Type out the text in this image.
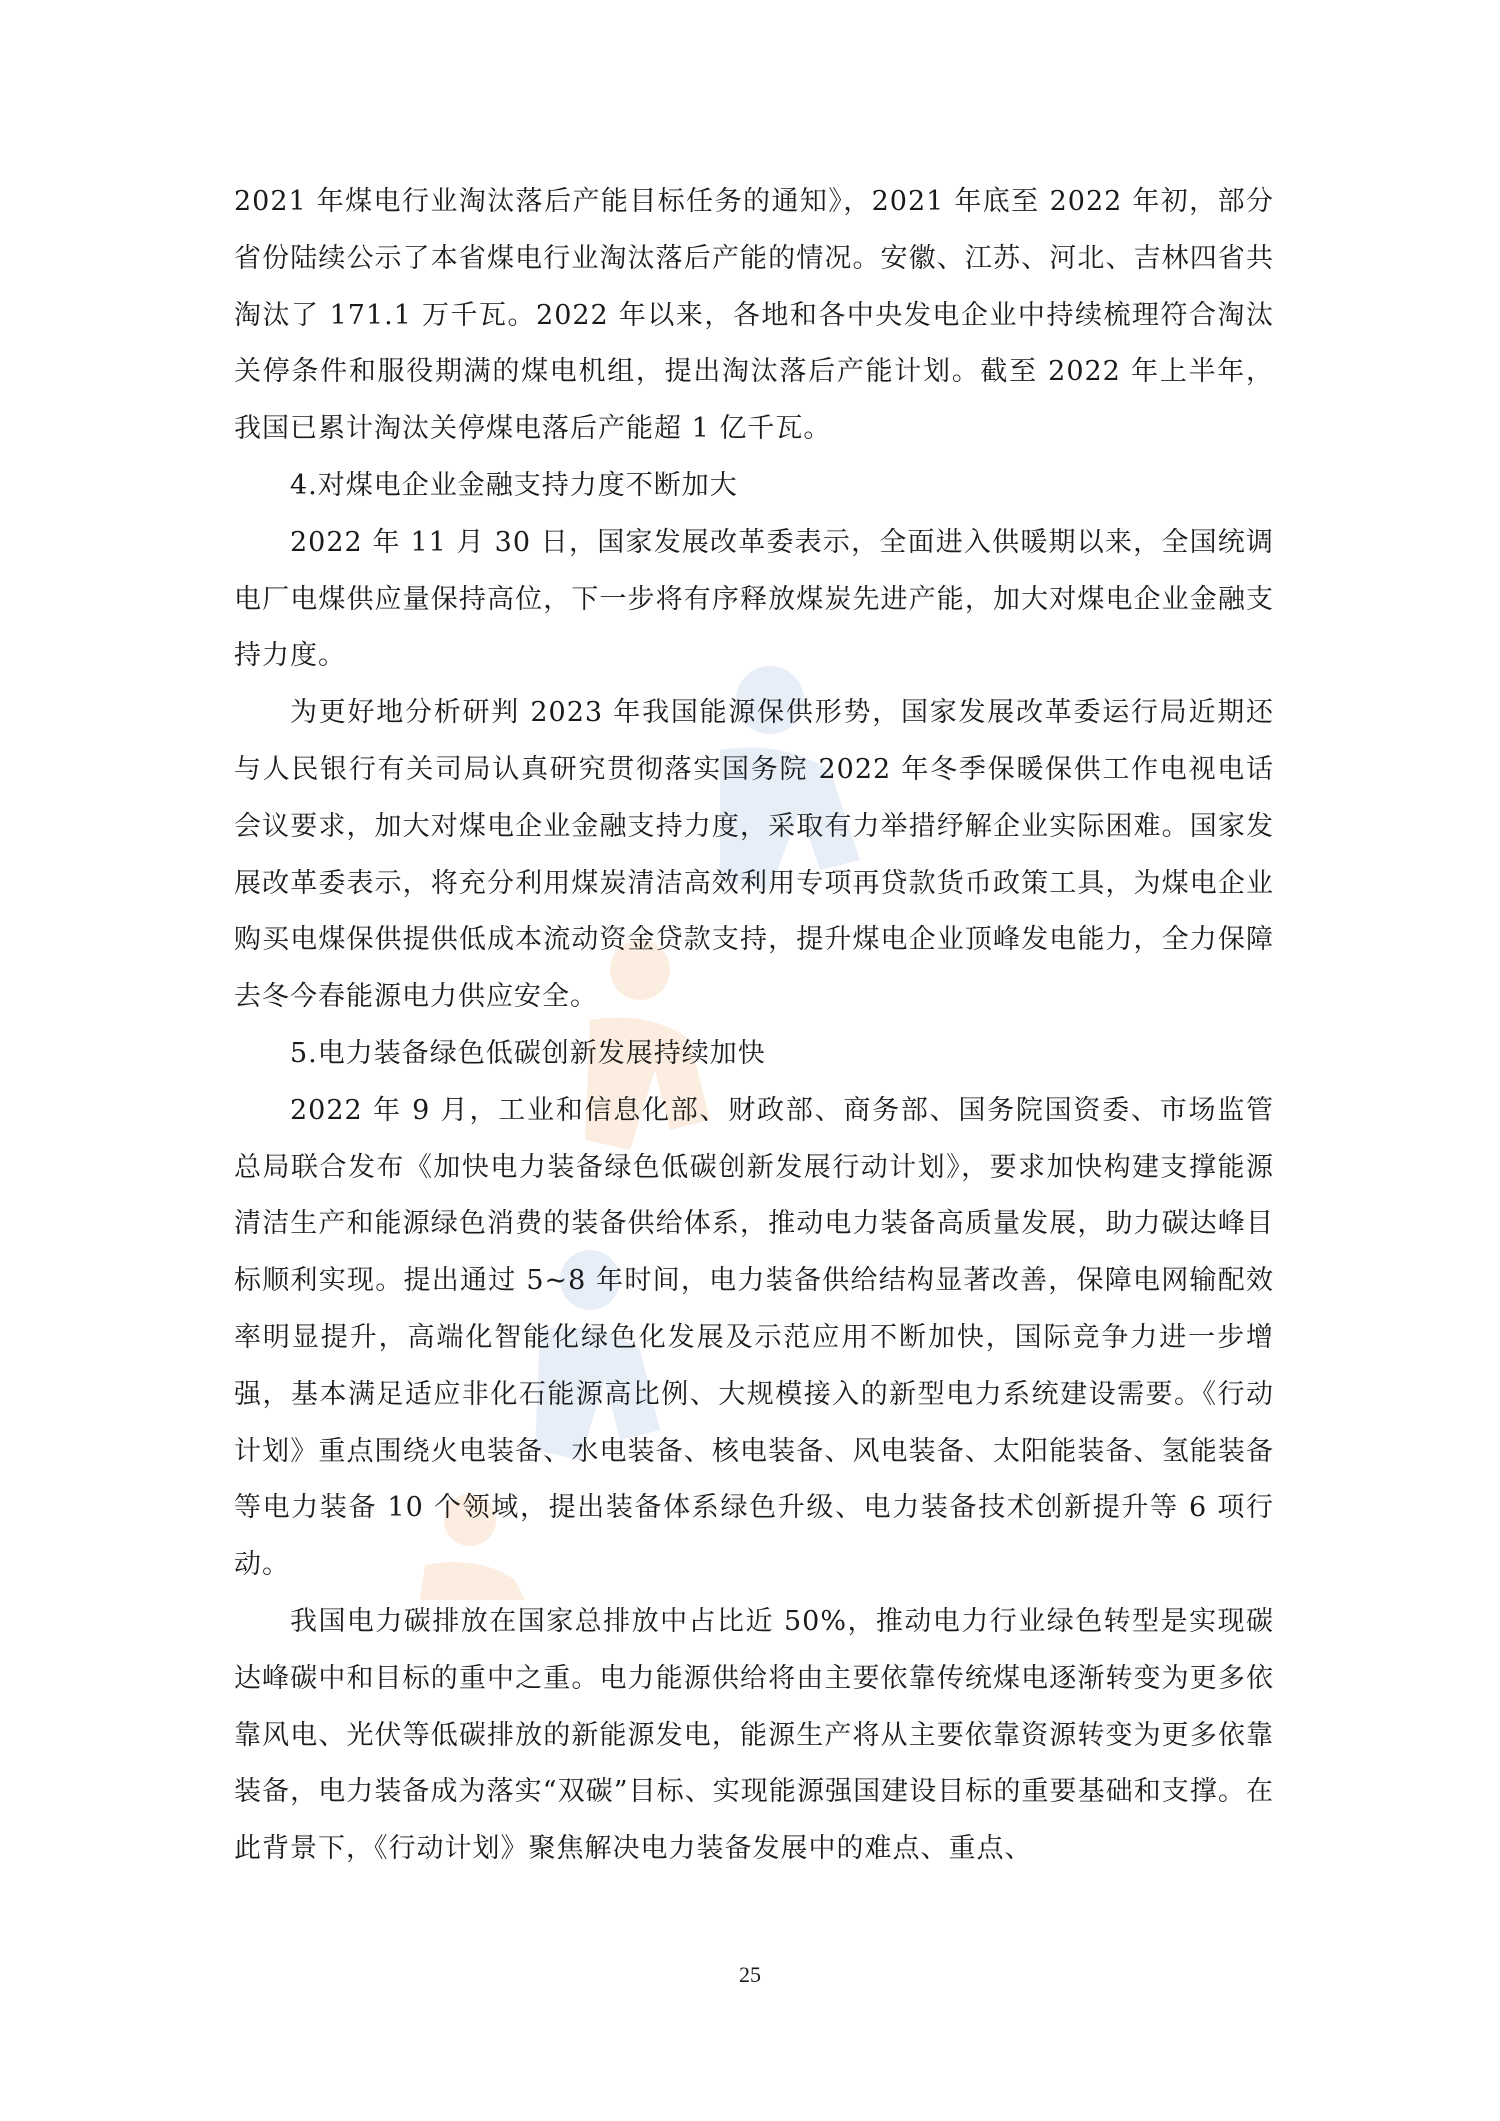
2021 年煤电行业淘汰落后产能目标任务的通知》，2021 年底至 2022 年初，部分省份陆续公示了本省煤电行业淘汰落后产能的情况。安徽、江苏、河北、吉林四省共淘汰了 171.1 万千瓦。2022 年以来，各地和各中央发电企业中持续梳理符合淘汰关停条件和服役期满的煤电机组，提出淘汰落后产能计划。截至 2022 年上半年，我国已累计淘汰关停煤电落后产能超 1 亿千瓦。

4.对煤电企业金融支持力度不断加大

2022 年 11 月 30 日，国家发展改革委表示，全面进入供暖期以来，全国统调电厂电煤供应量保持高位，下一步将有序释放煤炭先进产能，加大对煤电企业金融支持力度。

为更好地分析研判 2023 年我国能源保供形势，国家发展改革委运行局近期还与人民银行有关司局认真研究贯彻落实国务院 2022 年冬季保暖保供工作电视电话会议要求，加大对煤电企业金融支持力度，采取有力举措纾解企业实际困难。国家发展改革委表示，将充分利用煤炭清洁高效利用专项再贷款货币政策工具，为煤电企业购买电煤保供提供低成本流动资金贷款支持，提升煤电企业顶峰发电能力，全力保障去冬今春能源电力供应安全。

5.电力装备绿色低碳创新发展持续加快

2022 年 9 月，工业和信息化部、财政部、商务部、国务院国资委、市场监管总局联合发布《加快电力装备绿色低碳创新发展行动计划》，要求加快构建支撑能源清洁生产和能源绿色消费的装备供给体系，推动电力装备高质量发展，助力碳达峰目标顺利实现。提出通过 5~8 年时间，电力装备供给结构显著改善，保障电网输配效率明显提升，高端化智能化绿色化发展及示范应用不断加快，国际竞争力进一步增强，基本满足适应非化石能源高比例、大规模接入的新型电力系统建设需要。《行动计划》重点围绕火电装备、水电装备、核电装备、风电装备、太阳能装备、氢能装备等电力装备 10 个领域，提出装备体系绿色升级、电力装备技术创新提升等 6 项行动。

我国电力碳排放在国家总排放中占比近 50%，推动电力行业绿色转型是实现碳达峰碳中和目标的重中之重。电力能源供给将由主要依靠传统煤电逐渐转变为更多依靠风电、光伏等低碳排放的新能源发电，能源生产将从主要依靠资源转变为更多依靠装备，电力装备成为落实“双碳”目标、实现能源强国建设目标的重要基础和支撑。在此背景下，《行动计划》聚焦解决电力装备发展中的难点、重点、

25
